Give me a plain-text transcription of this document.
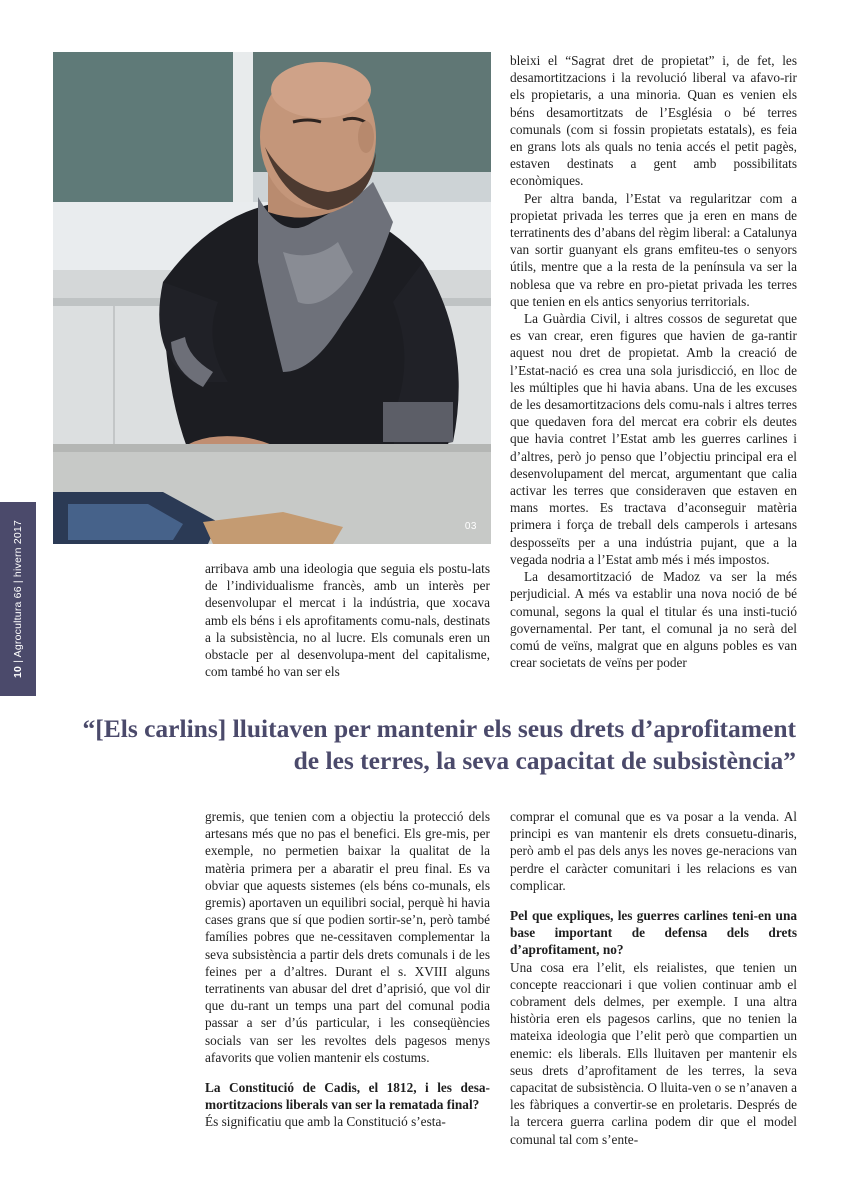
03
10 | Agrocultura 66 | hivern 2017	arribava amb una ideologia que seguia els postu-lats de l’individualisme francès, amb un interès per desenvolupar el mercat i la indústria, que xocava amb els béns i els aprofitaments comu-nals, destinats a la subsistència, no al lucre. Els comunals eren un obstacle per al desenvolupa-ment del capitalisme, com també ho van ser els

bleixi el “Sagrat dret de propietat” i, de fet, les desamortitzacions i la revolució liberal va afavo-rir els propietaris, a una minoria. Quan es venien els béns desamortitzats de l’Església o bé terres comunals (com si fossin propietats estatals), es feia en grans lots als quals no tenia accés el petit pagès, estaven destinats a gent amb possibilitats econòmiques.

Per altra banda, l’Estat va regularitzar com a propietat privada les terres que ja eren en mans de terratinents des d’abans del règim liberal: a Catalunya van sortir guanyant els grans emfiteu-tes o senyors útils, mentre que a la resta de la península va ser la noblesa que va rebre en pro-pietat privada les terres que tenien en els antics senyorius territorials.

La Guàrdia Civil, i altres cossos de seguretat que es van crear, eren figures que havien de ga-rantir aquest nou dret de propietat. Amb la creació de l’Estat-nació es crea una sola jurisdicció, en lloc de les múltiples que hi havia abans. Una de les excuses de les desamortitzacions dels comu-nals i altres terres que quedaven fora del mercat era cobrir els deutes que havia contret l’Estat amb les guerres carlines i d’altres, però jo penso que l’objectiu principal era el desenvolupament del mercat, argumentant que calia activar les terres que consideraven que estaven en mans mortes. Es tractava d’aconseguir matèria primera i força de treball dels camperols i artesans desposseïts per a una indústria pujant, que a la vegada nodria a l’Estat amb més i més impostos.

La desamortització de Madoz va ser la més perjudicial. A més va establir una nova noció de bé comunal, segons la qual el titular és una insti-tució governamental. Per tant, el comunal ja no serà del comú de veïns, malgrat que en alguns pobles es van crear societats de veïns per poder

“[Els carlins] lluitaven per mantenir els seus drets d’aprofitament
de les terres, la seva capacitat de subsistència”

gremis, que tenien com a objectiu la protecció dels artesans més que no pas el benefici. Els gre-mis, per exemple, no permetien baixar la qualitat de la matèria primera per a abaratir el preu final. Es va obviar que aquests sistemes (els béns co-munals, els gremis) aportaven un equilibri social, perquè hi havia cases grans que sí que podien sortir-se’n, però també famílies pobres que ne-cessitaven complementar la seva subsistència a partir dels drets comunals i de les feines per a d’altres. Durant el s. XVIII alguns terratinents van abusar del dret d’aprisió, que vol dir que du-rant un temps una part del comunal podia passar a ser d’ús particular, i les conseqüències socials van ser les revoltes dels pagesos menys afavorits que volien mantenir els costums.

La Constitució de Cadis, el 1812, i les desa-mortitzacions liberals van ser la rematada final?

És significatiu que amb la Constitució s’esta-

comprar el comunal que es va posar a la venda. Al principi es van mantenir els drets consuetu-dinaris, però amb el pas dels anys les noves ge-neracions van perdre el caràcter comunitari i les relacions es van complicar.

Pel que expliques, les guerres carlines teni-en una base important de defensa dels drets d’aprofitament, no?

Una cosa era l’elit, els reialistes, que tenien un concepte reaccionari i que volien continuar amb el cobrament dels delmes, per exemple. I una altra història eren els pagesos carlins, que no tenien la mateixa ideologia que l’elit però que compartien un enemic: els liberals. Ells lluitaven per mantenir els seus drets d’aprofitament de les terres, la seva capacitat de subsistència. O lluita-ven o se n’anaven a les fàbriques a convertir-se en proletaris. Després de la tercera guerra carlina podem dir que el model comunal tal com s’ente-
